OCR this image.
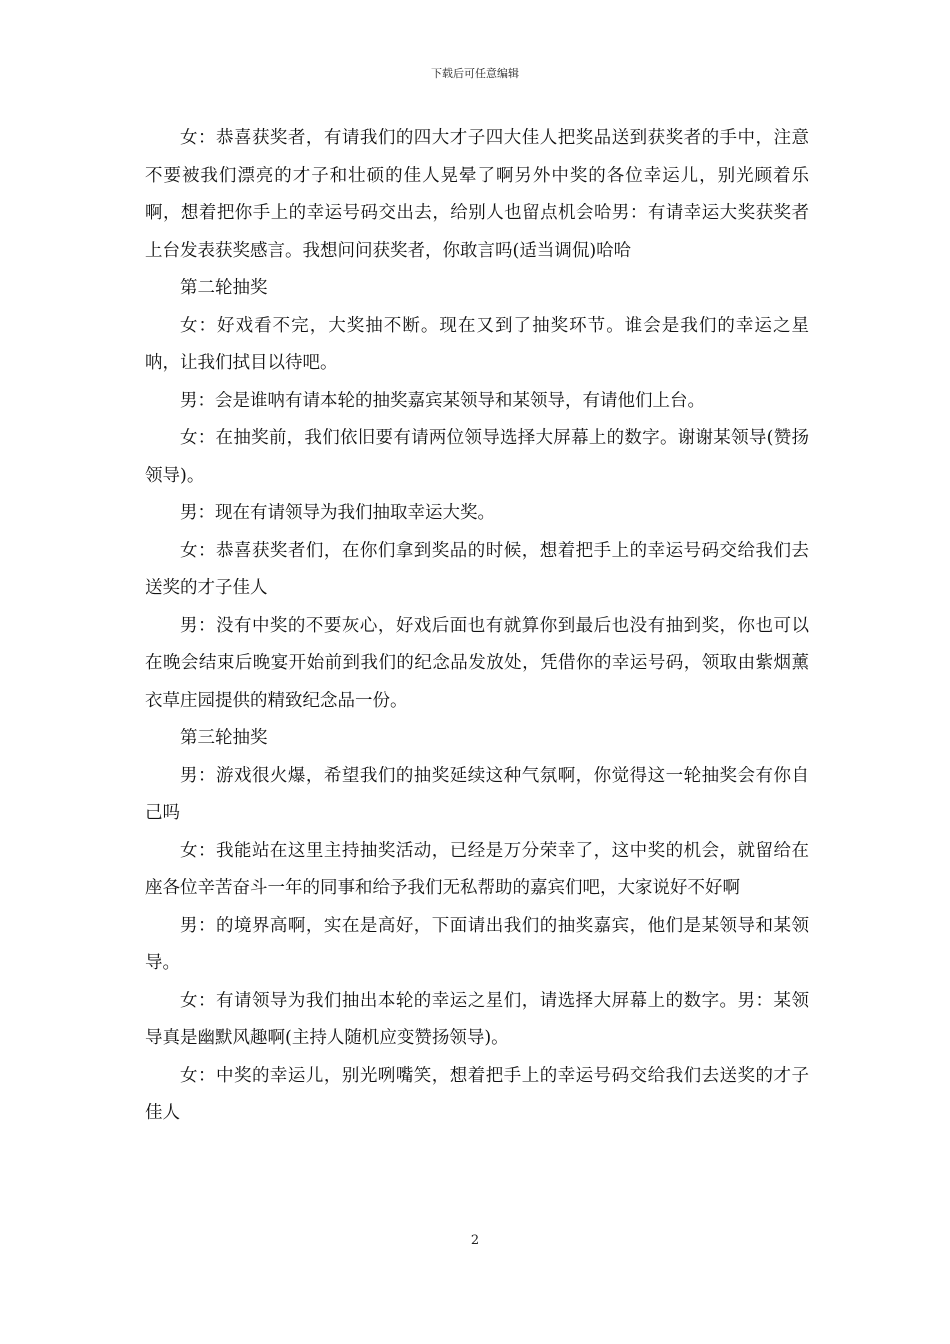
下载后可任意编辑

女：恭喜获奖者，有请我们的四大才子四大佳人把奖品送到获奖者的手中，注意不要被我们漂亮的才子和壮硕的佳人晃晕了啊另外中奖的各位幸运儿，别光顾着乐啊，想着把你手上的幸运号码交出去，给别人也留点机会哈男：有请幸运大奖获奖者上台发表获奖感言。我想问问获奖者，你敢言吗(适当调侃)哈哈

第二轮抽奖

女：好戏看不完，大奖抽不断。现在又到了抽奖环节。谁会是我们的幸运之星呐，让我们拭目以待吧。

男：会是谁呐有请本轮的抽奖嘉宾某领导和某领导，有请他们上台。

女：在抽奖前，我们依旧要有请两位领导选择大屏幕上的数字。谢谢某领导(赞扬领导)。

男：现在有请领导为我们抽取幸运大奖。

女：恭喜获奖者们，在你们拿到奖品的时候，想着把手上的幸运号码交给我们去送奖的才子佳人

男：没有中奖的不要灰心，好戏后面也有就算你到最后也没有抽到奖，你也可以在晚会结束后晚宴开始前到我们的纪念品发放处，凭借你的幸运号码，领取由紫烟薰衣草庄园提供的精致纪念品一份。

第三轮抽奖

男：游戏很火爆，希望我们的抽奖延续这种气氛啊，你觉得这一轮抽奖会有你自己吗

女：我能站在这里主持抽奖活动，已经是万分荣幸了，这中奖的机会，就留给在座各位辛苦奋斗一年的同事和给予我们无私帮助的嘉宾们吧，大家说好不好啊

男：的境界高啊，实在是高好，下面请出我们的抽奖嘉宾，他们是某领导和某领导。

女：有请领导为我们抽出本轮的幸运之星们，请选择大屏幕上的数字。男：某领导真是幽默风趣啊(主持人随机应变赞扬领导)。

女：中奖的幸运儿，别光咧嘴笑，想着把手上的幸运号码交给我们去送奖的才子佳人

2
